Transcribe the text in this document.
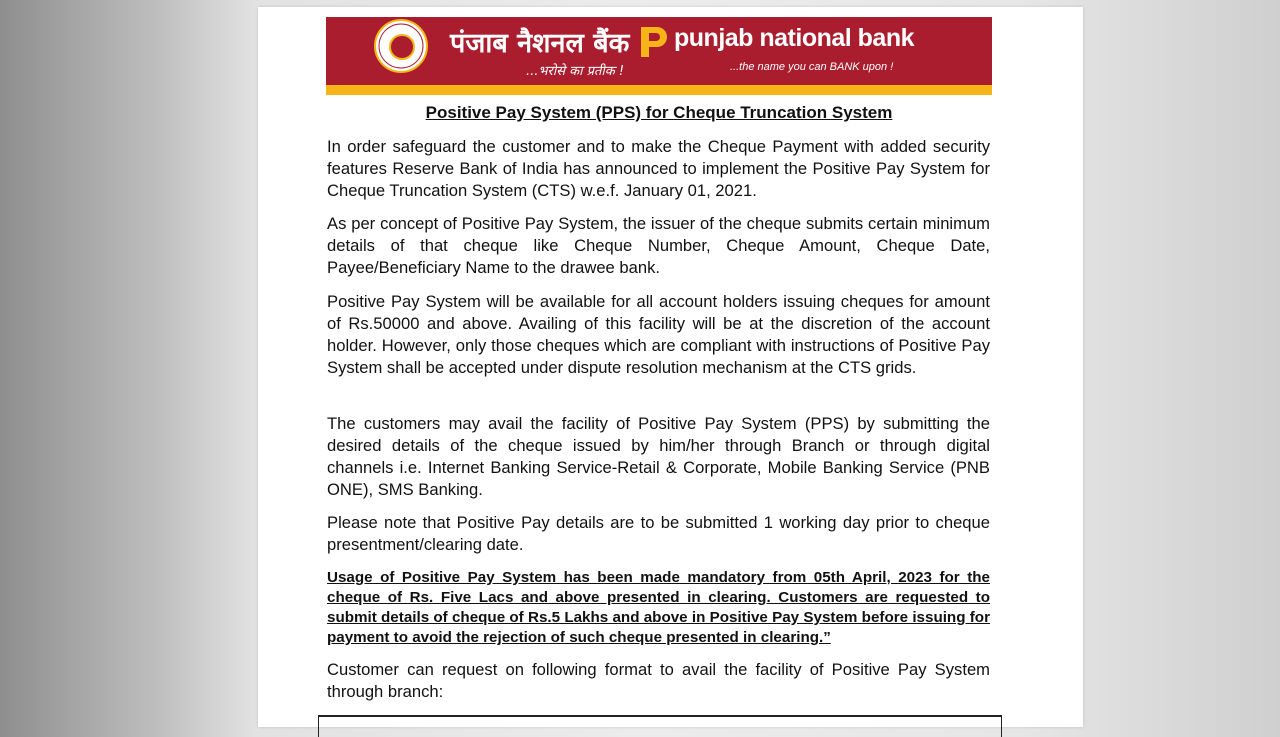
पंजाब नैशनल बैंक
...भरोसे का प्रतीक !
punjab national bank
...the name you can BANK upon !
Positive Pay System (PPS) for Cheque Truncation System

In order safeguard the customer and to make the Cheque Payment with added security features Reserve Bank of India has announced to implement the Positive Pay System for Cheque Truncation System (CTS) w.e.f. January 01, 2021.

As per concept of Positive Pay System, the issuer of the cheque submits certain minimum details of that cheque like Cheque Number, Cheque Amount, Cheque Date, Payee/Beneficiary Name to the drawee bank.

Positive Pay System will be available for all account holders issuing cheques for amount of Rs.50000 and above. Availing of this facility will be at the discretion of the account holder. However, only those cheques which are compliant with instructions of Positive Pay System shall be accepted under dispute resolution mechanism at the CTS grids.

The customers may avail the facility of Positive Pay System (PPS) by submitting the desired details of the cheque issued by him/her through Branch or through digital channels i.e. Internet Banking Service-Retail & Corporate, Mobile Banking Service (PNB ONE), SMS Banking.

Please note that Positive Pay details are to be submitted 1 working day prior to cheque presentment/clearing date.

Usage of Positive Pay System has been made mandatory from 05th April, 2023 for the cheque of Rs. Five Lacs and above presented in clearing. Customers are requested to submit details of cheque of Rs.5 Lakhs and above in Positive Pay System before issuing for payment to avoid the rejection of such cheque presented in clearing.”

Customer can request on following format to avail the facility of Positive Pay System through branch:
